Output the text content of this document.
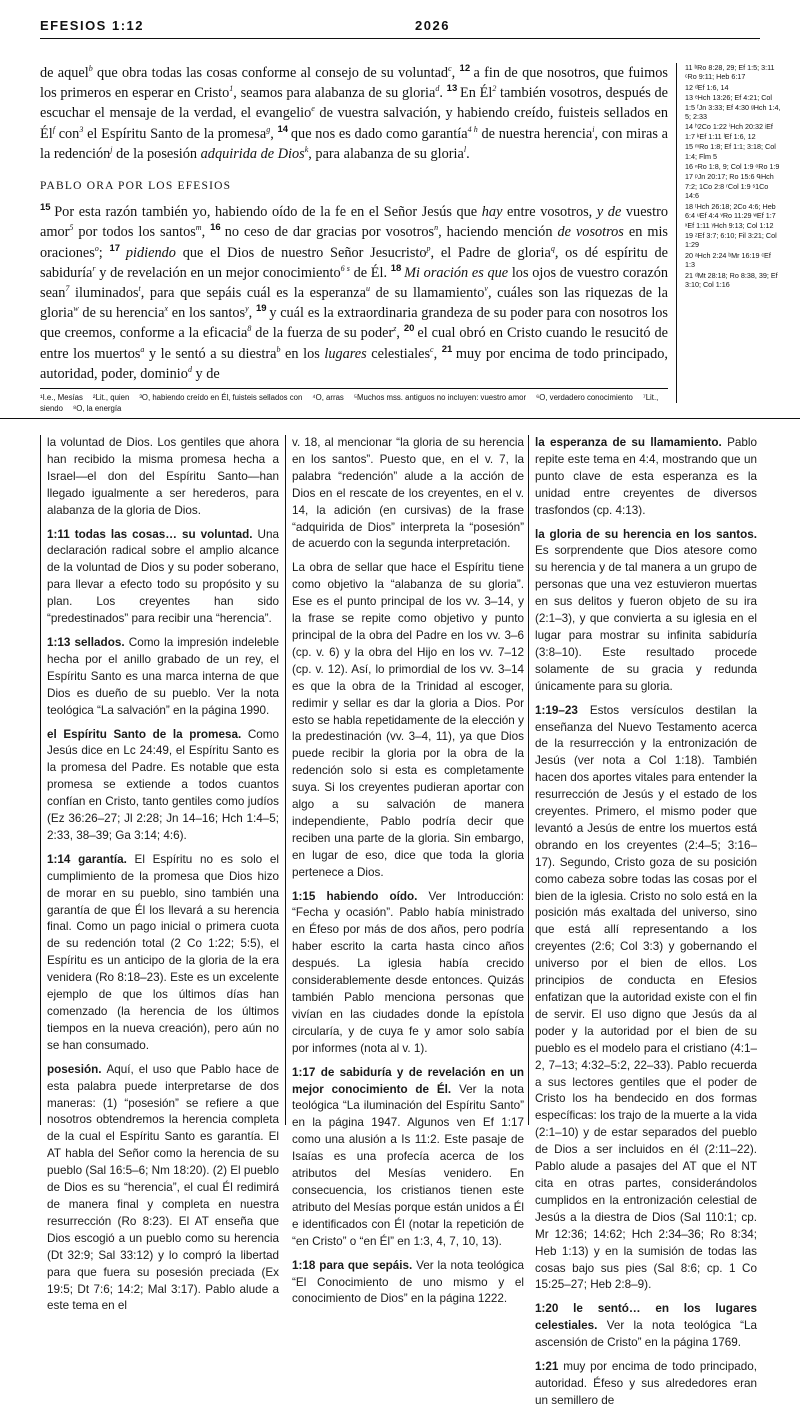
EFESIOS 1:12	2026

de aquel$^b$ que obra todas las cosas conforme al consejo de su voluntad$^c$, $^{12}$ a fin de que nosotros, que fuimos los primeros en esperar en Cristo$^1$, seamos para alabanza de su gloria$^d$. $^{13}$ En $Él^2$ también vosotros, después de escuchar el mensaje de la verdad, el evangelio$^e$ de vuestra salvación, y habiendo creído, fuisteis sellados en $Él^f$ con$^3$ el Espíritu Santo de la promesa$^g$, $^{14}$ que nos es dado como garantía$^{4 h}$ de nuestra herencia$^i$, con miras a la redención$^j$ de la posesión adquirida de Dios$^k$, para alabanza de su gloria$^l$.

PABLO ORA POR LOS EFESIOS

$^{15}$ Por esta razón también yo, habiendo oído de la fe en el Señor Jesús que hay entre vosotros, y de vuestro amor$^5$ por todos los santos$^m$, $^{16}$ no ceso de dar gracias por vosotros$^n$, haciendo mención de vosotros en mis oraciones$^o$; $^{17}$ pidiendo que el Dios de nuestro Señor Jesucristo$^p$, el Padre de gloria$^q$, os dé espíritu de sabiduría$^r$ y de revelación en un mejor conocimiento$^{6 s}$ de Él. $^{18}$ Mi oración es que los ojos de vuestro corazón sean$^7$ iluminados$^t$, para que sepáis cuál es la esperanza$^u$ de su llamamiento$^v$, cuáles son las riquezas de la gloria$^w$ de su herencia$^x$ en los santos$^y$, $^{19}$ y cuál es la extraordinaria grandeza de su poder para con nosotros los que creemos, conforme a la eficacia$^8$ de la fuerza de su poder$^z$, $^{20}$ el cual obró en Cristo cuando le resucitó de entre los muertos$^a$ y le sentó a su diestra$^b$ en los lugares celestiales$^c$, $^{21}$ muy por encima de todo principado, autoridad, poder, dominio$^d$ y de

11 ᵇRo 8:28, 29; Ef 1:5; 3:11 ᶜRo 9:11; Heb 6:17
12 ᵈEf 1:6, 14
13 ᵉHch 13:26; Ef 4:21; Col 1:5 ᶠJn 3:33; Ef 4:30 ᵍHch 1:4, 5; 2:33
14 ʰ2Co 1:22 ⁱHch 20:32 ʲEf 1:7 ᵏEf 1:11 ˡEf 1:6, 12
15 ᵐRo 1:8; Ef 1:1; 3:18; Col 1:4; Flm 5
16 ⁿRo 1:8, 9; Col 1:9 ᵒRo 1:9
17 ᵖJn 20:17; Ro 15:6 ᑫHch 7:2; 1Co 2:8 ʳCol 1:9 ˢ1Co 14:6
18 ᵗHch 26:18; 2Co 4:6; Heb 6:4 ᵘEf 4:4 ᵛRo 11:29 ʷEf 1:7 ˣEf 1:11 ʸHch 9:13; Col 1:12
19 ᶻEf 3:7; 6:10; Fil 3:21; Col 1:29
20 ᵃHch 2:24 ᵇMr 16:19 ᶜEf 1:3
21 ᵈMt 28:18; Ro 8:38, 39; Ef 3:10; Col 1:16
¹I.e., Mesías ²Lit., quien ³O, habiendo creído en Él, fuisteis sellados con ⁴O, arras ⁵Muchos mss. antiguos no incluyen: vuestro amor ⁶O, verdadero conocimiento ⁷Lit., siendo ⁸O, la energía

la voluntad de Dios. Los gentiles que ahora han recibido la misma promesa hecha a Israel—el don del Espíritu Santo—han llegado igualmente a ser herederos, para alabanza de la gloria de Dios.

1:11 todas las cosas… su voluntad. Una declaración radical sobre el amplio alcance de la voluntad de Dios y su poder soberano, para llevar a efecto todo su propósito y su plan. Los creyentes han sido “predestinados” para recibir una “herencia”.

1:13 sellados. Como la impresión indeleble hecha por el anillo grabado de un rey, el Espíritu Santo es una marca interna de que Dios es dueño de su pueblo. Ver la nota teológica “La salvación” en la página 1990.

el Espíritu Santo de la promesa. Como Jesús dice en Lc 24:49, el Espíritu Santo es la promesa del Padre. Es notable que esta promesa se extiende a todos cuantos confían en Cristo, tanto gentiles como judíos (Ez 36:26–27; Jl 2:28; Jn 14–16; Hch 1:4–5; 2:33, 38–39; Ga 3:14; 4:6).

1:14 garantía. El Espíritu no es solo el cumplimiento de la promesa que Dios hizo de morar en su pueblo, sino también una garantía de que Él los llevará a su herencia final. Como un pago inicial o primera cuota de su redención total (2 Co 1:22; 5:5), el Espíritu es un anticipo de la gloria de la era venidera (Ro 8:18–23). Este es un excelente ejemplo de que los últimos días han comenzado (la herencia de los últimos tiempos en la nueva creación), pero aún no se han consumado.

posesión. Aquí, el uso que Pablo hace de esta palabra puede interpretarse de dos maneras: (1) “posesión” se refiere a que nosotros obtendremos la herencia completa de la cual el Espíritu Santo es garantía. El AT habla del Señor como la herencia de su pueblo (Sal 16:5–6; Nm 18:20). (2) El pueblo de Dios es su “herencia”, el cual Él redimirá de manera final y completa en nuestra resurrección (Ro 8:23). El AT enseña que Dios escogió a un pueblo como su herencia (Dt 32:9; Sal 33:12) y lo compró la libertad para que fuera su posesión preciada (Ex 19:5; Dt 7:6; 14:2; Mal 3:17). Pablo alude a este tema en el

v. 18, al mencionar “la gloria de su herencia en los santos”. Puesto que, en el v. 7, la palabra “redención” alude a la acción de Dios en el rescate de los creyentes, en el v. 14, la adición (en cursivas) de la frase “adquirida de Dios” interpreta la “posesión” de acuerdo con la segunda interpretación.

La obra de sellar que hace el Espíritu tiene como objetivo la “alabanza de su gloria”. Ese es el punto principal de los vv. 3–14, y la frase se repite como objetivo y punto principal de la obra del Padre en los vv. 3–6 (cp. v. 6) y la obra del Hijo en los vv. 7–12 (cp. v. 12). Así, lo primordial de los vv. 3–14 es que la obra de la Trinidad al escoger, redimir y sellar es dar la gloria a Dios. Por esto se habla repetidamente de la elección y la predestinación (vv. 3–4, 11), ya que Dios puede recibir la gloria por la obra de la redención solo si esta es completamente suya. Si los creyentes pudieran aportar con algo a su salvación de manera independiente, Pablo podría decir que reciben una parte de la gloria. Sin embargo, en lugar de eso, dice que toda la gloria pertenece a Dios.

1:15 habiendo oído. Ver Introducción: “Fecha y ocasión”. Pablo había ministrado en Éfeso por más de dos años, pero podría haber escrito la carta hasta cinco años después. La iglesia había crecido considerablemente desde entonces. Quizás también Pablo menciona personas que vivían en las ciudades donde la epístola circularía, y de cuya fe y amor solo sabía por informes (nota al v. 1).

1:17 de sabiduría y de revelación en un mejor conocimiento de Él. Ver la nota teológica “La iluminación del Espíritu Santo” en la página 1947. Algunos ven Ef 1:17 como una alusión a Is 11:2. Este pasaje de Isaías es una profecía acerca de los atributos del Mesías venidero. En consecuencia, los cristianos tienen este atributo del Mesías porque están unidos a Él e identificados con Él (notar la repetición de “en Cristo” o “en Él” en 1:3, 4, 7, 10, 13).

1:18 para que sepáis. Ver la nota teológica “El Conocimiento de uno mismo y el conocimiento de Dios” en la página 1222.

la esperanza de su llamamiento. Pablo repite este tema en 4:4, mostrando que un punto clave de esta esperanza es la unidad entre creyentes de diversos trasfondos (cp. 4:13).

la gloria de su herencia en los santos. Es sorprendente que Dios atesore como su herencia y de tal manera a un grupo de personas que una vez estuvieron muertas en sus delitos y fueron objeto de su ira (2:1–3), y que convierta a su iglesia en el lugar para mostrar su infinita sabiduría (3:8–10). Este resultado procede solamente de su gracia y redunda únicamente para su gloria.

1:19–23 Estos versículos destilan la enseñanza del Nuevo Testamento acerca de la resurrección y la entronización de Jesús (ver nota a Col 1:18). También hacen dos aportes vitales para entender la resurrección de Jesús y el estado de los creyentes. Primero, el mismo poder que levantó a Jesús de entre los muertos está obrando en los creyentes (2:4–5; 3:16–17). Segundo, Cristo goza de su posición como cabeza sobre todas las cosas por el bien de la iglesia. Cristo no solo está en la posición más exaltada del universo, sino que está allí representando a los creyentes (2:6; Col 3:3) y gobernando el universo por el bien de ellos. Los principios de conducta en Efesios enfatizan que la autoridad existe con el fin de servir. El uso digno que Jesús da al poder y la autoridad por el bien de su pueblo es el modelo para el cristiano (4:1–2, 7–13; 4:32–5:2, 22–33). Pablo recuerda a sus lectores gentiles que el poder de Cristo los ha bendecido en dos formas específicas: los trajo de la muerte a la vida (2:1–10) y de estar separados del pueblo de Dios a ser incluidos en él (2:11–22). Pablo alude a pasajes del AT que el NT cita en otras partes, considerándolos cumplidos en la entronización celestial de Jesús a la diestra de Dios (Sal 110:1; cp. Mr 12:36; 14:62; Hch 2:34–36; Ro 8:34; Heb 1:13) y en la sumisión de todas las cosas bajo sus pies (Sal 8:6; cp. 1 Co 15:25–27; Heb 2:8–9).

1:20 le sentó… en los lugares celestiales. Ver la nota teológica “La ascensión de Cristo” en la página 1769.

1:21 muy por encima de todo principado, autoridad. Éfeso y sus alrededores eran un semillero de
